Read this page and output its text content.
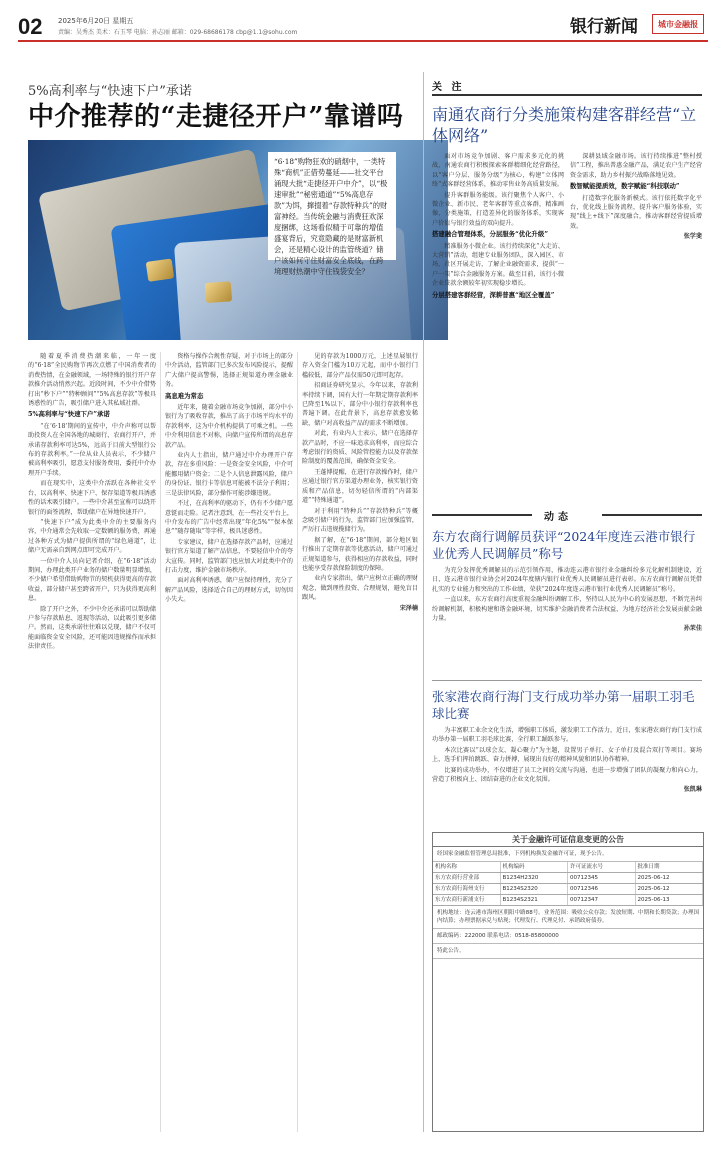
02 2025年6月20日 星期五
责编：吴秀杰 美术：石玉琴 电脑：孙志丽 邮箱：029-68686178 cbp@1.1@sohu.com	银行新闻	城市金融报
5%高利率与“快速下户”承诺
中介推荐的“走捷径开户”靠谱吗
“6·18”购物狂欢的硝烟中，一类特殊“商机”正借势蔓延——社交平台涌现大批“走捷径开户中介”，以“极速审批”“秘密通道”“5%高息存款”为饵，撺掇着“存款特种兵”的财富神经。当传统金融与消费狂欢深度捆绑，这场看似精于可靠的增值盛宴背后，究竟隐藏的是财富新机会，还是精心设计的监管绕道？储户该如何守住财富安全底线，在跨境理财热潮中守住钱袋安全？

随着夏季消费热潮来临，一年一度的“6·18”全民购物节再次点燃了中国消费者的消费热情，在金融领域，一场特殊的银行开户存款推介活动悄然兴起。近段时间，不少中介借势打出“秒下户”“特种顾问”“5%高息存款”等极具诱惑性的广告，吸引储户进入其私域社群。

5%高利率与“快速下户”承诺

“在‘6·18’期间的宣传中，中介声称可以帮助投资人在全国各地的城商行、农商行开户，并承诺存款利率可达5%，远高于目前大型银行公布的存款利率。”一位从业人员表示，不少储户被高利率吸引，愿意支付服务费用，委托中介办理开户手续。

而在现实中，这类中介活跃在各种社交平台，以高利率、快速下户、保存渠道等极具诱惑性的话术吸引储户。一些中介甚至宣称可以绕开银行的面签流程，帮助储户在异地快速开户。

“快速下户”成为此类中介的主要服务内容，中介通常会先收取一定数额的服务费，再通过各种方式为储户提供所谓的“绿色通道”，让储户无需亲自到网点即可完成开户。

一位中介人员向记者介绍，在“6·18”活动期间，办理此类开户业务的储户数量明显增加，不少储户希望借助购物节的契机获得更高的存款收益，部分储户甚至跨省开户，只为获得更高利息。

除了开户之外，不少中介还承诺可以帮助储户参与存款贴息、返现等活动，以此吸引更多储户。然而，这类承诺往往难以兑现，储户不仅可能面临资金安全风险，还可能因违规操作而承担法律责任。

资格与操作合规性存疑，对于市场上的部分中介活动，监管部门已多次发布风险提示，提醒广大储户提高警惕，选择正规渠道办理金融业务。

高息难为常态

近年来，随着金融市场竞争加剧，部分中小银行为了吸收存款，推出了高于市场平均水平的存款利率，这为中介机构提供了可乘之机。一些中介利用信息不对称，向储户宣传所谓的高息存款产品。

业内人士指出，储户通过中介办理开户存款，存在多重风险：一是资金安全风险，中介可能挪用储户资金；二是个人信息泄露风险，储户的身份证、银行卡等信息可能被不法分子利用；三是法律风险，部分操作可能涉嫌违规。

不过，在高利率的驱动下，仍有不少储户愿意铤而走险。记者注意到，在一些社交平台上，中介发布的广告中经常出现“年化5%”“保本保息”“随存随取”等字样，极具迷惑性。

专家建议，储户在选择存款产品时，应通过银行官方渠道了解产品信息，不要轻信中介的夸大宣传。同时，监管部门也应加大对此类中介的打击力度，维护金融市场秩序。

面对高利率诱惑，储户应保持理性，充分了解产品风险，选择适合自己的理财方式，切勿因小失大。

见的存款为1000万元，上述星展银行存入资金门槛为10万元起，而中小银行门槛较低，部分产品仅需50元即可起存。

招商证券研究显示，今年以来，存款利率持续下调，国有大行一年期定期存款利率已降至1%以下，部分中小银行存款利率也普遍下调。在此背景下，高息存款愈发稀缺，储户对高收益产品的需求不断增加。

对此，有业内人士表示，储户在选择存款产品时，不应一味追求高利率，而应综合考虑银行的资质、风险管控能力以及存款保险制度的覆盖范围，确保资金安全。

王蓬博提醒，在进行存款操作时，储户应通过银行官方渠道办理业务，核实银行资质和产品信息，切勿轻信所谓的“内部渠道”“特殊通道”。

对于利用“特种兵”“存款特种兵”等概念吸引储户的行为，监管部门应加强监管，严厉打击违规揽储行为。

据了解，在“6·18”期间，部分地区银行推出了定期存款等优惠活动，储户可通过正规渠道参与，获得相应的存款收益，同时也能享受存款保险制度的保障。

业内专家指出，储户应树立正确的理财观念，做到理性投资、合理规划，避免盲目跟风。

宋泽楠

关 注
南通农商行分类施策构建客群经营“立体网络”

面对市场竞争加剧、客户需求多元化的挑战，南通农商行积极探索客群精细化经营路径，以“客户分层、服务分级”为核心，构建“立体网络”式客群经营体系，推动零售业务高质量发展。

提升客群服务能级。该行聚焦个人客户、小微企业、新市民、老年客群等重点客群，精准画像，分类施策，打造差异化的服务体系，实现客户价值与银行效益的双向提升。

搭建融合管理体系，分层服务“优化升级”

精准服务小微企业。该行持续深化“大走访、大营销”活动，组建专业服务团队，深入园区、市场、社区开展走访，了解企业融资需求，提供“一户一策”综合金融服务方案。截至目前，该行小微企业贷款余额较年初实现稳步增长。

分层搭建客群经营，深耕普惠“地区全覆盖”

深耕县域金融市场。该行持续推进“整村授信”工程，推出普惠金融产品，满足农户生产经营资金需求，助力乡村振兴战略落地见效。

数智赋能提质效，数字赋能“科技联动”

打造数字化服务新模式。该行依托数字化平台，优化线上服务流程，提升客户服务体验，实现“线上+线下”深度融合，推动客群经营提质增效。

张学斐

动态
东方农商行调解员获评“2024年度连云港市银行业优秀人民调解员”称号

为充分发挥优秀调解员的示范引领作用，推动连云港市银行业金融纠纷多元化解机制建设，近日，连云港市银行业协会对2024年度辖内银行业优秀人民调解员进行表彰。东方农商行调解员凭借扎实的专业能力和突出的工作业绩，荣获“2024年度连云港市银行业优秀人民调解员”称号。

一直以来，东方农商行高度重视金融纠纷调解工作，坚持以人民为中心的发展思想，不断完善纠纷调解机制，积极构建和谐金融环境，切实维护金融消费者合法权益，为地方经济社会发展贡献金融力量。

孙茉佳

张家港农商行海门支行成功举办第一届职工羽毛球比赛

为丰富职工业余文化生活，增强职工体质，激发职工工作活力，近日，张家港农商行海门支行成功举办第一届职工羽毛球比赛，全行职工踊跃参与。

本次比赛以“以球会友、凝心聚力”为主题，设置男子单打、女子单打及混合双打等项目。赛场上，选手们挥拍跳跃、奋力拼搏，展现出良好的精神风貌和团队协作精神。

比赛的成功举办，不仅增进了员工之间的交流与沟通，也进一步增强了团队的凝聚力和向心力，营造了积极向上、团结奋进的企业文化氛围。

张凯琳

关于金融许可证信息变更的公告
经国家金融监督管理总局批准，下列机构换发金融许可证，现予公告。
机构名称	机构编码	许可证流水号	批准日期
东方农商行营业部	B1234H2320	00712345	2025-06-12
东方农商行海州支行	B1234S2320	00712346	2025-06-12
东方农商行新浦支行	B1234S2321	00712347	2025-06-13
机构地址：连云港市海州区朝阳中路88号。业务范围：吸收公众存款；发放短期、中期和长期贷款；办理国内结算；办理票据承兑与贴现；代理发行、代理兑付、承销政府债券。
邮政编码：222000 联系电话：0518-85800000
特此公告。
